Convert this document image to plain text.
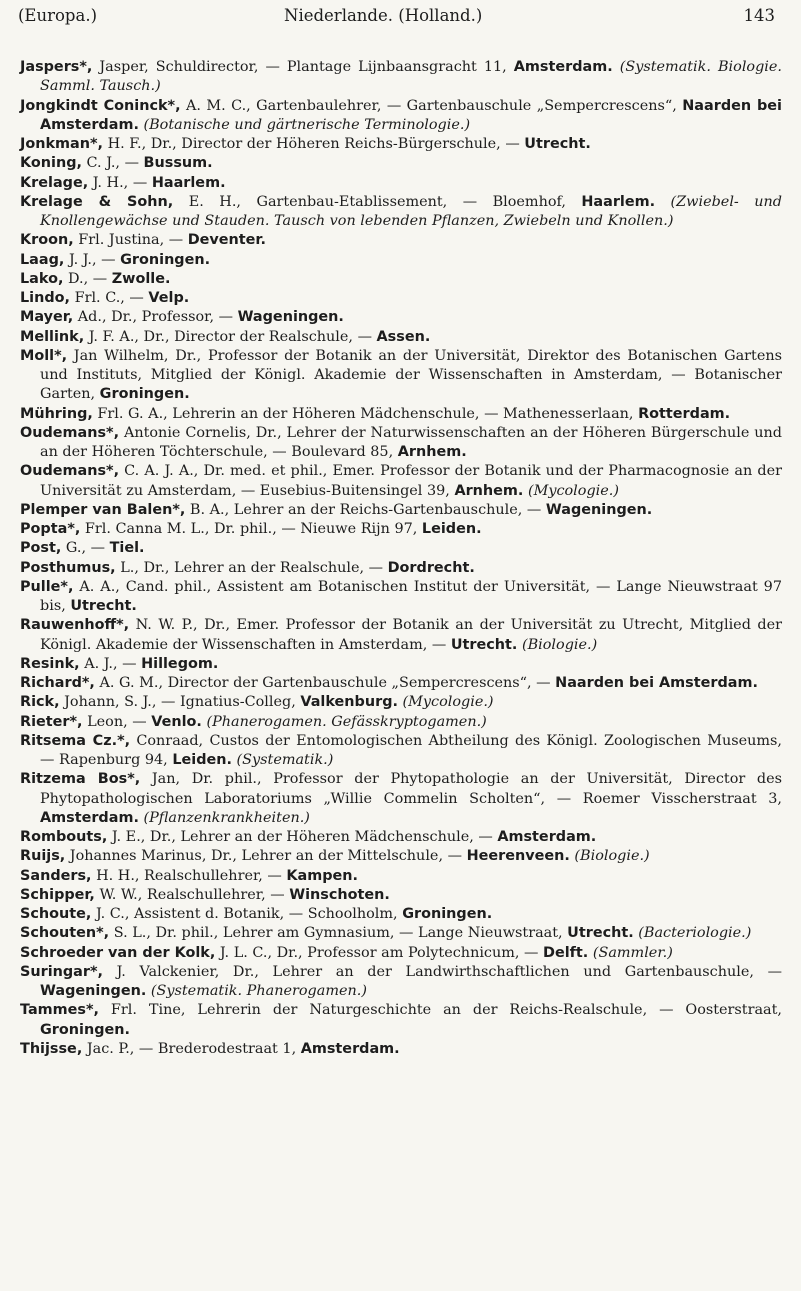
(Europa.)	Niederlande. (Holland.)	143
Jaspers*, Jasper, Schuldirector, — Plantage Lijnbaansgracht 11, Amsterdam. (Systematik. Biologie. Samml. Tausch.)
Jongkindt Coninck*, A. M. C., Gartenbaulehrer, — Gartenbauschule „Sempercrescens“, Naarden bei Amsterdam. (Botanische und gärtnerische Terminologie.)
Jonkman*, H. F., Dr., Director der Höheren Reichs-Bürgerschule, — Utrecht.
Koning, C. J., — Bussum.
Krelage, J. H., — Haarlem.
Krelage & Sohn, E. H., Gartenbau-Etablissement, — Bloemhof, Haarlem. (Zwiebel- und Knollengewächse und Stauden. Tausch von lebenden Pflanzen, Zwiebeln und Knollen.)
Kroon, Frl. Justina, — Deventer.
Laag, J. J., — Groningen.
Lako, D., — Zwolle.
Lindo, Frl. C., — Velp.
Mayer, Ad., Dr., Professor, — Wageningen.
Mellink, J. F. A., Dr., Director der Realschule, — Assen.
Moll*, Jan Wilhelm, Dr., Professor der Botanik an der Universität, Direktor des Botanischen Gartens und Instituts, Mitglied der Königl. Akademie der Wissenschaften in Amsterdam, — Botanischer Garten, Groningen.
Mühring, Frl. G. A., Lehrerin an der Höheren Mädchenschule, — Mathenesserlaan, Rotterdam.
Oudemans*, Antonie Cornelis, Dr., Lehrer der Naturwissenschaften an der Höheren Bürgerschule und an der Höheren Töchterschule, — Boulevard 85, Arnhem.
Oudemans*, C. A. J. A., Dr. med. et phil., Emer. Professor der Botanik und der Pharmacognosie an der Universität zu Amsterdam, — Eusebius-Buitensingel 39, Arnhem. (Mycologie.)
Plemper van Balen*, B. A., Lehrer an der Reichs-Gartenbauschule, — Wageningen.
Popta*, Frl. Canna M. L., Dr. phil., — Nieuwe Rijn 97, Leiden.
Post, G., — Tiel.
Posthumus, L., Dr., Lehrer an der Realschule, — Dordrecht.
Pulle*, A. A., Cand. phil., Assistent am Botanischen Institut der Universität, — Lange Nieuwstraat 97 bis, Utrecht.
Rauwenhoff*, N. W. P., Dr., Emer. Professor der Botanik an der Universität zu Utrecht, Mitglied der Königl. Akademie der Wissenschaften in Amsterdam, — Utrecht. (Biologie.)
Resink, A. J., — Hillegom.
Richard*, A. G. M., Director der Gartenbauschule „Sempercrescens“, — Naarden bei Amsterdam.
Rick, Johann, S. J., — Ignatius-Colleg, Valkenburg. (Mycologie.)
Rieter*, Leon, — Venlo. (Phanerogamen. Gefässkryptogamen.)
Ritsema Cz.*, Conraad, Custos der Entomologischen Abtheilung des Königl. Zoologischen Museums, — Rapenburg 94, Leiden. (Systematik.)
Ritzema Bos*, Jan, Dr. phil., Professor der Phytopathologie an der Universität, Director des Phytopathologischen Laboratoriums „Willie Commelin Scholten“, — Roemer Visscherstraat 3, Amsterdam. (Pflanzenkrankheiten.)
Rombouts, J. E., Dr., Lehrer an der Höheren Mädchenschule, — Amsterdam.
Ruijs, Johannes Marinus, Dr., Lehrer an der Mittelschule, — Heerenveen. (Biologie.)
Sanders, H. H., Realschullehrer, — Kampen.
Schipper, W. W., Realschullehrer, — Winschoten.
Schoute, J. C., Assistent d. Botanik, — Schoolholm, Groningen.
Schouten*, S. L., Dr. phil., Lehrer am Gymnasium, — Lange Nieuwstraat, Utrecht. (Bacteriologie.)
Schroeder van der Kolk, J. L. C., Dr., Professor am Polytechnicum, — Delft. (Sammler.)
Suringar*, J. Valckenier, Dr., Lehrer an der Landwirthschaftlichen und Gartenbauschule, — Wageningen. (Systematik. Phanerogamen.)
Tammes*, Frl. Tine, Lehrerin der Naturgeschichte an der Reichs-Realschule, — Oosterstraat, Groningen.
Thijsse, Jac. P., — Brederodestraat 1, Amsterdam.
